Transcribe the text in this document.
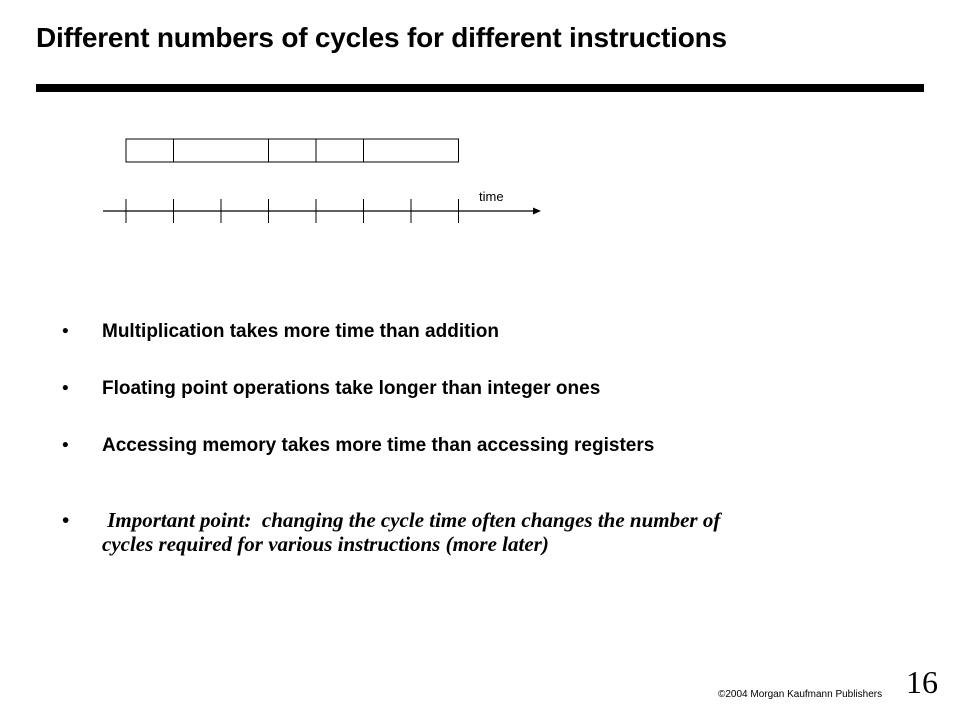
Different numbers of cycles for different instructions
time
• Multiplication takes more time than addition
• Floating point operations take longer than integer ones
• Accessing memory takes more time than accessing registers
• Important point:  changing the cycle time often changes the number of
cycles required for various instructions (more later)
©2004 Morgan Kaufmann Publishers 16
